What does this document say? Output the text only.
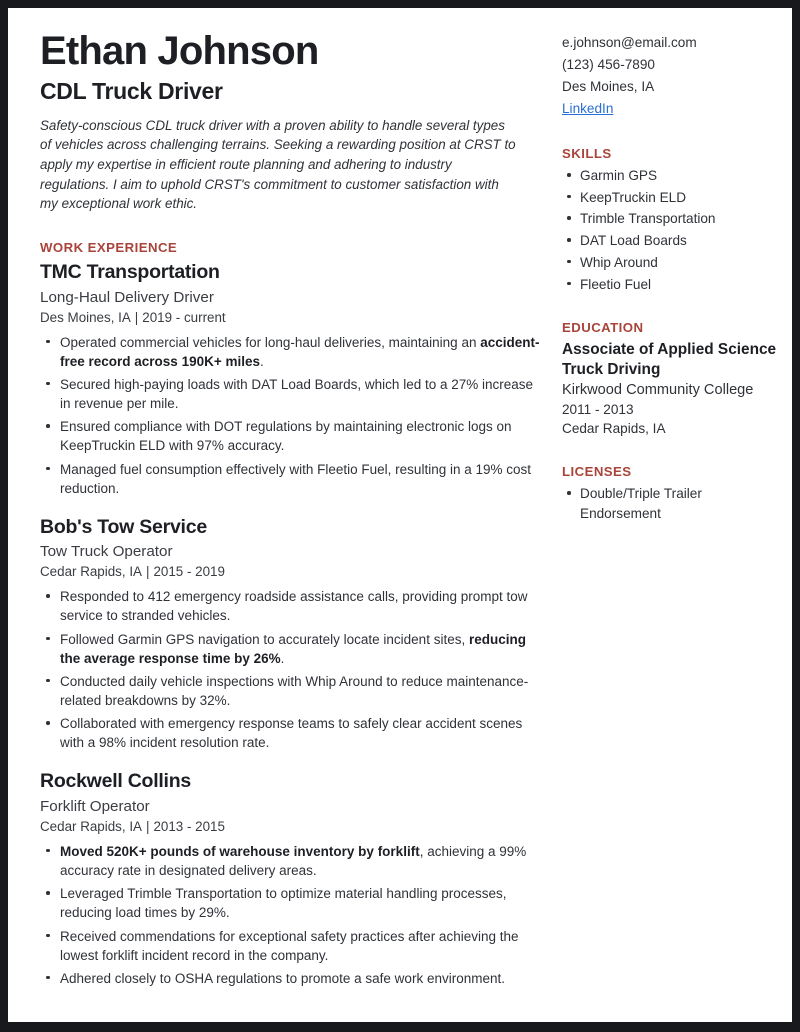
Ethan Johnson
CDL Truck Driver

Safety-conscious CDL truck driver with a proven ability to handle several types of vehicles across challenging terrains. Seeking a rewarding position at CRST to apply my expertise in efficient route planning and adhering to industry regulations. I aim to uphold CRST's commitment to customer satisfaction with my exceptional work ethic.

WORK EXPERIENCE
TMC Transportation
Long-Haul Delivery Driver
Des Moines, IA | 2019 - current
Operated commercial vehicles for long-haul deliveries, maintaining an accident-free record across 190K+ miles.
Secured high-paying loads with DAT Load Boards, which led to a 27% increase in revenue per mile.
Ensured compliance with DOT regulations by maintaining electronic logs on KeepTruckin ELD with 97% accuracy.
Managed fuel consumption effectively with Fleetio Fuel, resulting in a 19% cost reduction.
Bob's Tow Service
Tow Truck Operator
Cedar Rapids, IA | 2015 - 2019
Responded to 412 emergency roadside assistance calls, providing prompt tow service to stranded vehicles.
Followed Garmin GPS navigation to accurately locate incident sites, reducing the average response time by 26%.
Conducted daily vehicle inspections with Whip Around to reduce maintenance-related breakdowns by 32%.
Collaborated with emergency response teams to safely clear accident scenes with a 98% incident resolution rate.
Rockwell Collins
Forklift Operator
Cedar Rapids, IA | 2013 - 2015
Moved 520K+ pounds of warehouse inventory by forklift, achieving a 99% accuracy rate in designated delivery areas.
Leveraged Trimble Transportation to optimize material handling processes, reducing load times by 29%.
Received commendations for exceptional safety practices after achieving the lowest forklift incident record in the company.
Adhered closely to OSHA regulations to promote a safe work environment.
e.johnson@email.com
(123) 456-7890
Des Moines, IA
LinkedIn
SKILLS
Garmin GPS
KeepTruckin ELD
Trimble Transportation
DAT Load Boards
Whip Around
Fleetio Fuel
EDUCATION
Associate of Applied Science
Truck Driving
Kirkwood Community College
2011 - 2013
Cedar Rapids, IA
LICENSES
Double/Triple Trailer Endorsement
